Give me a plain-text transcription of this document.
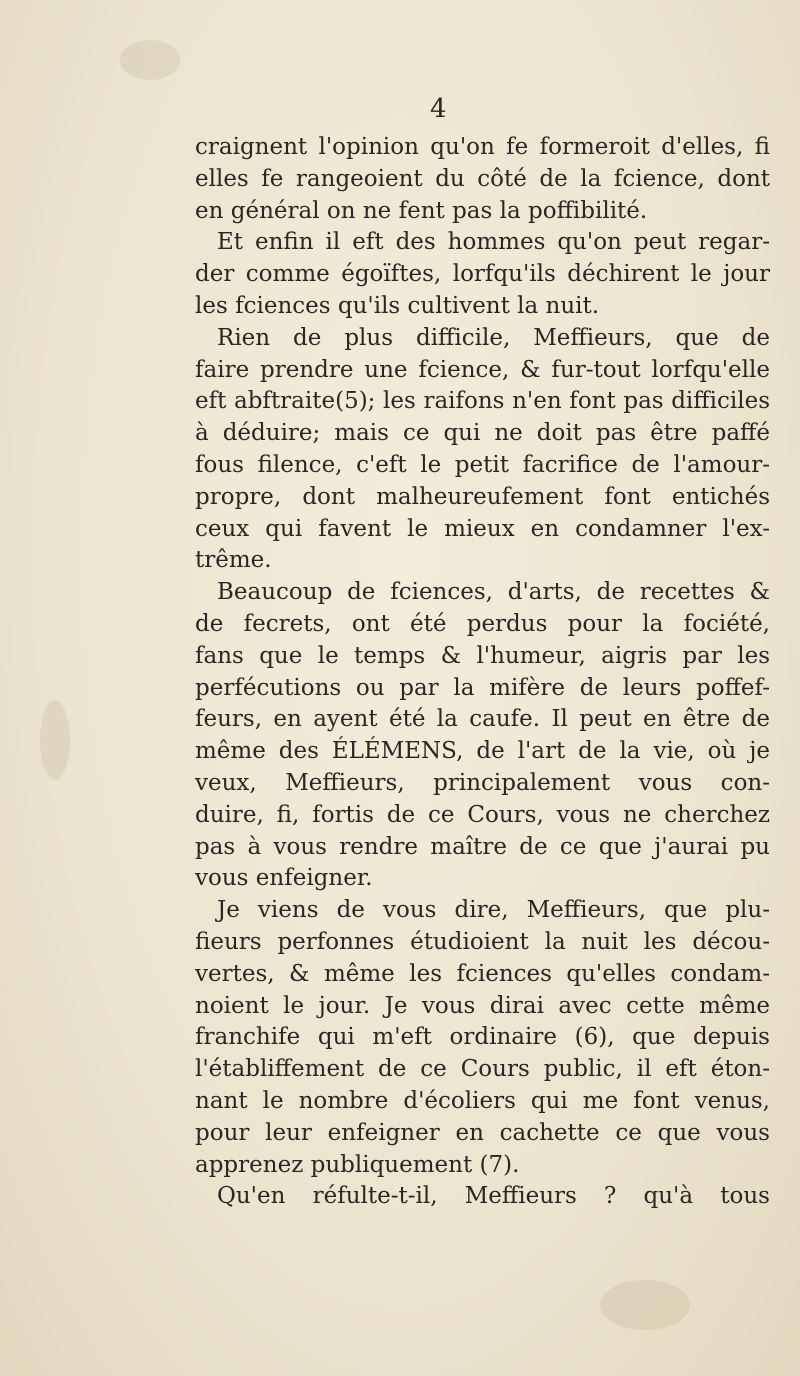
4
craignent l'opinion qu'on fe formeroit d'elles, fi
elles fe rangeoient du côté de la fcience, dont
en général on ne fent pas la poffibilité.
Et enfin il eft des hommes qu'on peut regar-
der comme égoïftes, lorfqu'ils déchirent le jour
les fciences qu'ils cultivent la nuit.
Rien de plus difficile, Meffieurs, que de
faire prendre une fcience, & fur-tout lorfqu'elle
eft abftraite(5); les raifons n'en font pas difficiles
à déduire; mais ce qui ne doit pas être paffé
fous filence, c'eft le petit facrifice de l'amour-
propre, dont malheureufement font entichés
ceux qui favent le mieux en condamner l'ex-
trême.
Beaucoup de fciences, d'arts, de recettes &
de fecrets, ont été perdus pour la fociété,
fans que le temps & l'humeur, aigris par les
perfécutions ou par la mifère de leurs poffef-
feurs, en ayent été la caufe. Il peut en être de
même des ÉLÉMENS, de l'art de la vie, où je
veux, Meffieurs, principalement vous con-
duire, fi, fortis de ce Cours, vous ne cherchez
pas à vous rendre maître de ce que j'aurai pu
vous enfeigner.
Je viens de vous dire, Meffieurs, que plu-
fieurs perfonnes étudioient la nuit les décou-
vertes, & même les fciences qu'elles condam-
noient le jour. Je vous dirai avec cette même
franchife qui m'eft ordinaire (6), que depuis
l'établiffement de ce Cours public, il eft éton-
nant le nombre d'écoliers qui me font venus,
pour leur enfeigner en cachette ce que vous
apprenez publiquement (7).
Qu'en réfulte-t-il, Meffieurs ? qu'à tous
